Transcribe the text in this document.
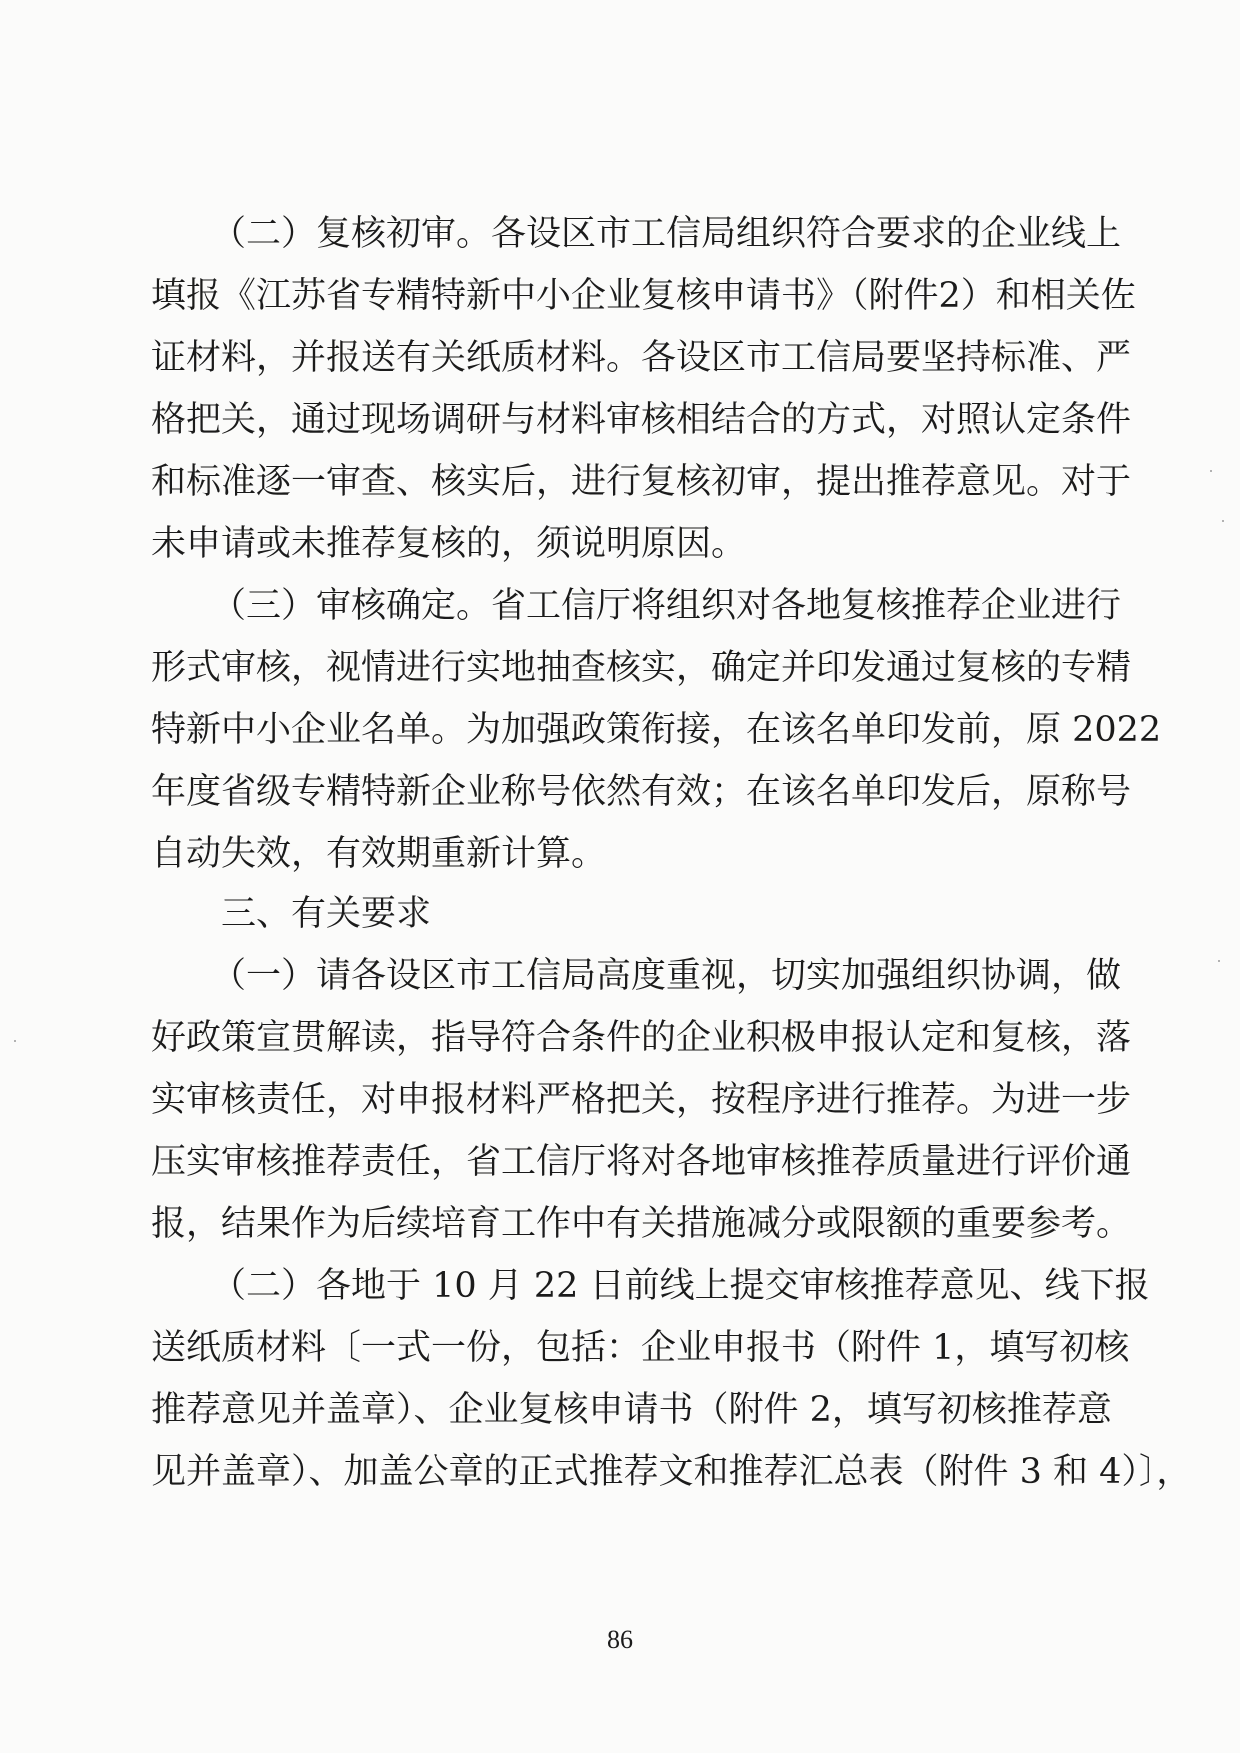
（二）复核初审。各设区市工信局组织符合要求的企业线上
填报《江苏省专精特新中小企业复核申请书》（附件2）和相关佐
证材料，并报送有关纸质材料。各设区市工信局要坚持标准、严
格把关，通过现场调研与材料审核相结合的方式，对照认定条件
和标准逐一审查、核实后，进行复核初审，提出推荐意见。对于
未申请或未推荐复核的，须说明原因。
（三）审核确定。省工信厅将组织对各地复核推荐企业进行
形式审核，视情进行实地抽查核实，确定并印发通过复核的专精
特新中小企业名单。为加强政策衔接，在该名单印发前，原 2022
年度省级专精特新企业称号依然有效；在该名单印发后，原称号
自动失效，有效期重新计算。
三、有关要求
（一）请各设区市工信局高度重视，切实加强组织协调，做
好政策宣贯解读，指导符合条件的企业积极申报认定和复核，落
实审核责任，对申报材料严格把关，按程序进行推荐。为进一步
压实审核推荐责任，省工信厅将对各地审核推荐质量进行评价通
报，结果作为后续培育工作中有关措施减分或限额的重要参考。
（二）各地于 10 月 22 日前线上提交审核推荐意见、线下报
送纸质材料〔一式一份，包括：企业申报书（附件 1，填写初核
推荐意见并盖章）、企业复核申请书（附件 2，填写初核推荐意
见并盖章）、加盖公章的正式推荐文和推荐汇总表（附件 3 和 4）〕，
86
